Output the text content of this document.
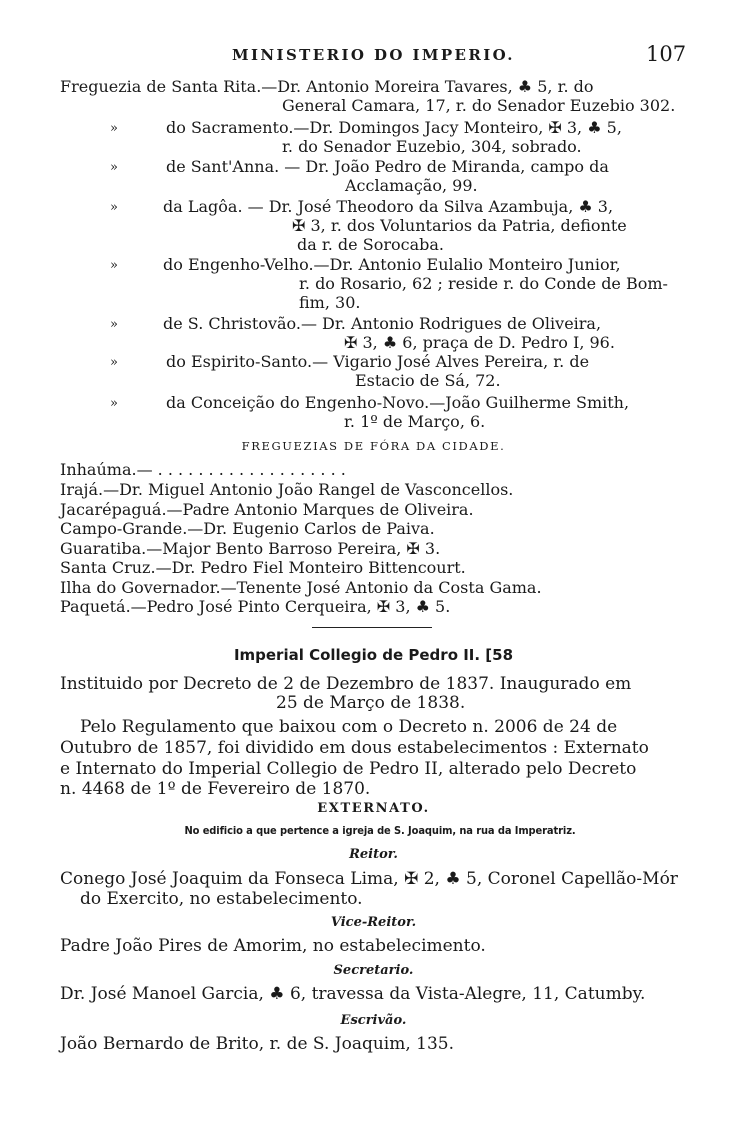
MINISTERIO DO IMPERIO.	107
Freguezia de Santa Rita.—Dr. Antonio Moreira Tavares, ♣ 5, r. do
General Camara, 17, r. do Senador Euzebio 302.
»	do Sacramento.—Dr. Domingos Jacy Monteiro, ✠ 3, ♣ 5,
r. do Senador Euzebio, 304, sobrado.
»	de Sant'Anna. — Dr. João Pedro de Miranda, campo da
Acclamação, 99.
»	da Lagôa. — Dr. José Theodoro da Silva Azambuja, ♣ 3,
✠ 3, r. dos Voluntarios da Patria, defionte
da r. de Sorocaba.
»	do Engenho-Velho.—Dr. Antonio Eulalio Monteiro Junior,
r. do Rosario, 62 ; reside r. do Conde de Bom-
fim, 30.
»	de S. Christovão.— Dr. Antonio Rodrigues de Oliveira,
✠ 3, ♣ 6, praça de D. Pedro I, 96.
»	do Espirito-Santo.— Vigario José Alves Pereira, r. de
Estacio de Sá, 72.
»	da Conceição do Engenho-Novo.—João Guilherme Smith,
r. 1º de Março, 6.
FREGUEZIAS DE FÓRA DA CIDADE.
Inhaúma.— . . . . . . . . . . . . . . . . . . .
Irajá.—Dr. Miguel Antonio João Rangel de Vasconcellos.
Jacarépaguá.—Padre Antonio Marques de Oliveira.
Campo-Grande.—Dr. Eugenio Carlos de Paiva.
Guaratiba.—Major Bento Barroso Pereira, ✠ 3.
Santa Cruz.—Dr. Pedro Fiel Monteiro Bittencourt.
Ilha do Governador.—Tenente José Antonio da Costa Gama.
Paquetá.—Pedro José Pinto Cerqueira, ✠ 3, ♣ 5.
Imperial Collegio de Pedro II. [58
Instituido por Decreto de 2 de Dezembro de 1837. Inaugurado em
25 de Março de 1838.
Pelo Regulamento que baixou com o Decreto n. 2006 de 24 de
Outubro de 1857, foi dividido em dous estabelecimentos : Externato
e Internato do Imperial Collegio de Pedro II, alterado pelo Decreto
n. 4468 de 1º de Fevereiro de 1870.
EXTERNATO.
No edificio a que pertence a igreja de S. Joaquim, na rua da Imperatriz.
Reitor.
Conego José Joaquim da Fonseca Lima, ✠ 2, ♣ 5, Coronel Capellão-Mór
do Exercito, no estabelecimento.
Vice-Reitor.
Padre João Pires de Amorim, no estabelecimento.
Secretario.
Dr. José Manoel Garcia, ♣ 6, travessa da Vista-Alegre, 11, Catumby.
Escrivão.
João Bernardo de Brito, r. de S. Joaquim, 135.
